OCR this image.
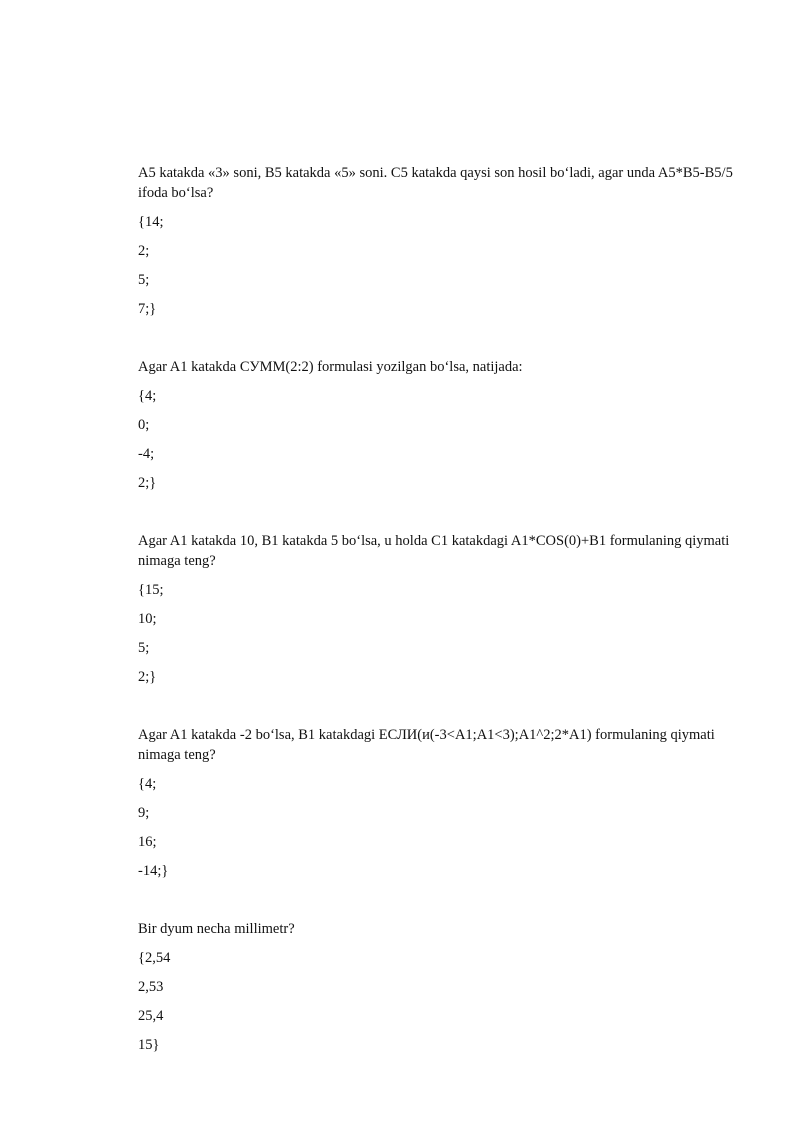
A5 katakda «3» soni, B5 katakda «5» soni. C5 katakda qaysi son hosil bo‘ladi, agar unda A5*B5-B5/5 ifoda bo‘lsa?
{14;
2;
5;
7;}
Agar A1 katakda СУММ(2:2) formulasi yozilgan bo‘lsa, natijada:
{4;
0;
-4;
2;}
Agar A1 katakda 10, B1 katakda 5 bo‘lsa, u holda C1 katakdagi A1*COS(0)+B1 formulaning qiymati nimaga teng?
{15;
10;
5;
2;}
Agar A1 katakda -2 bo‘lsa, B1 katakdagi ЕСЛИ(и(-3<A1;A1<3);A1^2;2*A1) formulaning qiymati nimaga teng?
{4;
9;
16;
-14;}
Bir dyum necha millimetr?
{2,54
2,53
25,4
15}
